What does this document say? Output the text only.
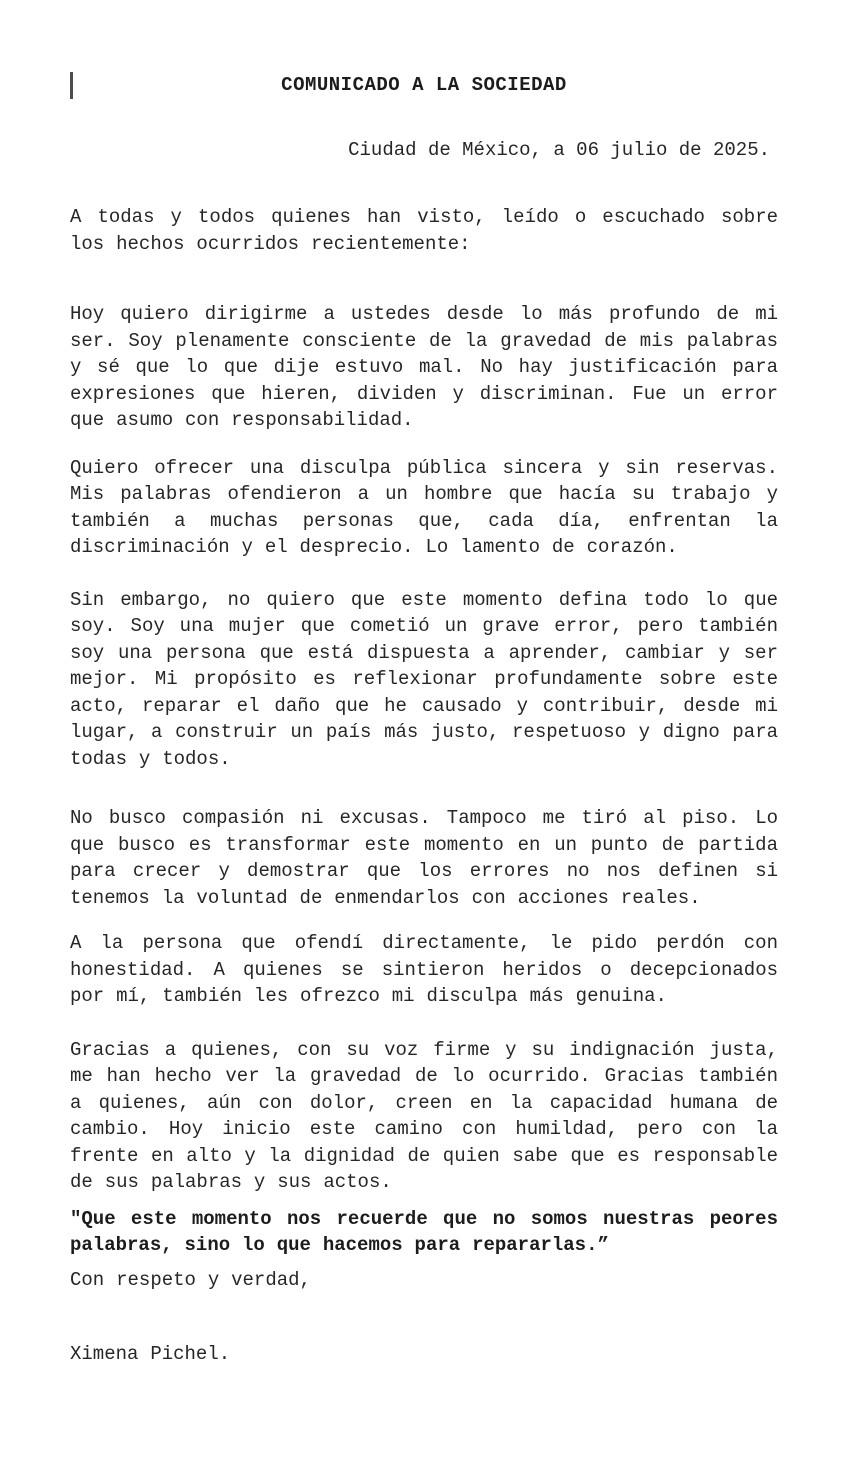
COMUNICADO A LA SOCIEDAD
Ciudad de México, a 06 julio de 2025.

A todas y todos quienes han visto, leído o escuchado sobre los hechos ocurridos recientemente:

Hoy quiero dirigirme a ustedes desde lo más profundo de mi ser. Soy plenamente consciente de la gravedad de mis palabras y sé que lo que dije estuvo mal. No hay justificación para expresiones que hieren, dividen y discriminan. Fue un error que asumo con responsabilidad.

Quiero ofrecer una disculpa pública sincera y sin reservas. Mis palabras ofendieron a un hombre que hacía su trabajo y también a muchas personas que, cada día, enfrentan la discriminación y el desprecio. Lo lamento de corazón.

Sin embargo, no quiero que este momento defina todo lo que soy. Soy una mujer que cometió un grave error, pero también soy una persona que está dispuesta a aprender, cambiar y ser mejor. Mi propósito es reflexionar profundamente sobre este acto, reparar el daño que he causado y contribuir, desde mi lugar, a construir un país más justo, respetuoso y digno para todas y todos.

No busco compasión ni excusas. Tampoco me tiró al piso. Lo que busco es transformar este momento en un punto de partida para crecer y demostrar que los errores no nos definen si tenemos la voluntad de enmendarlos con acciones reales.

A la persona que ofendí directamente, le pido perdón con honestidad. A quienes se sintieron heridos o decepcionados por mí, también les ofrezco mi disculpa más genuina.

Gracias a quienes, con su voz firme y su indignación justa, me han hecho ver la gravedad de lo ocurrido. Gracias también a quienes, aún con dolor, creen en la capacidad humana de cambio. Hoy inicio este camino con humildad, pero con la frente en alto y la dignidad de quien sabe que es responsable de sus palabras y sus actos.

"Que este momento nos recuerde que no somos nuestras peores palabras, sino lo que hacemos para repararlas.”

Con respeto y verdad,

Ximena Pichel.
